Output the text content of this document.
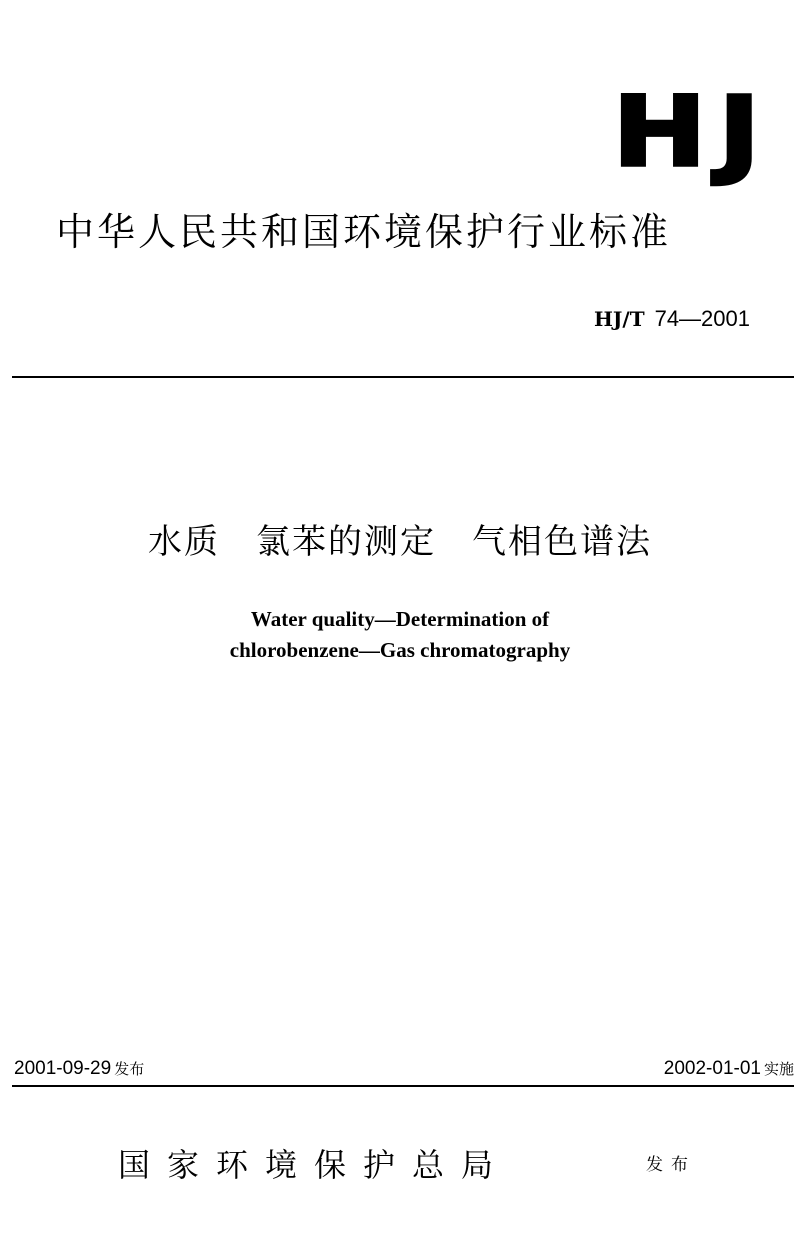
HJ
中华人民共和国环境保护行业标准
HJ/T 74—2001
水质　氯苯的测定　气相色谱法
Water quality—Determination of
chlorobenzene—Gas chromatography
2001-09-29 发布	2002-01-01 实施
国家环境保护总局	发布
